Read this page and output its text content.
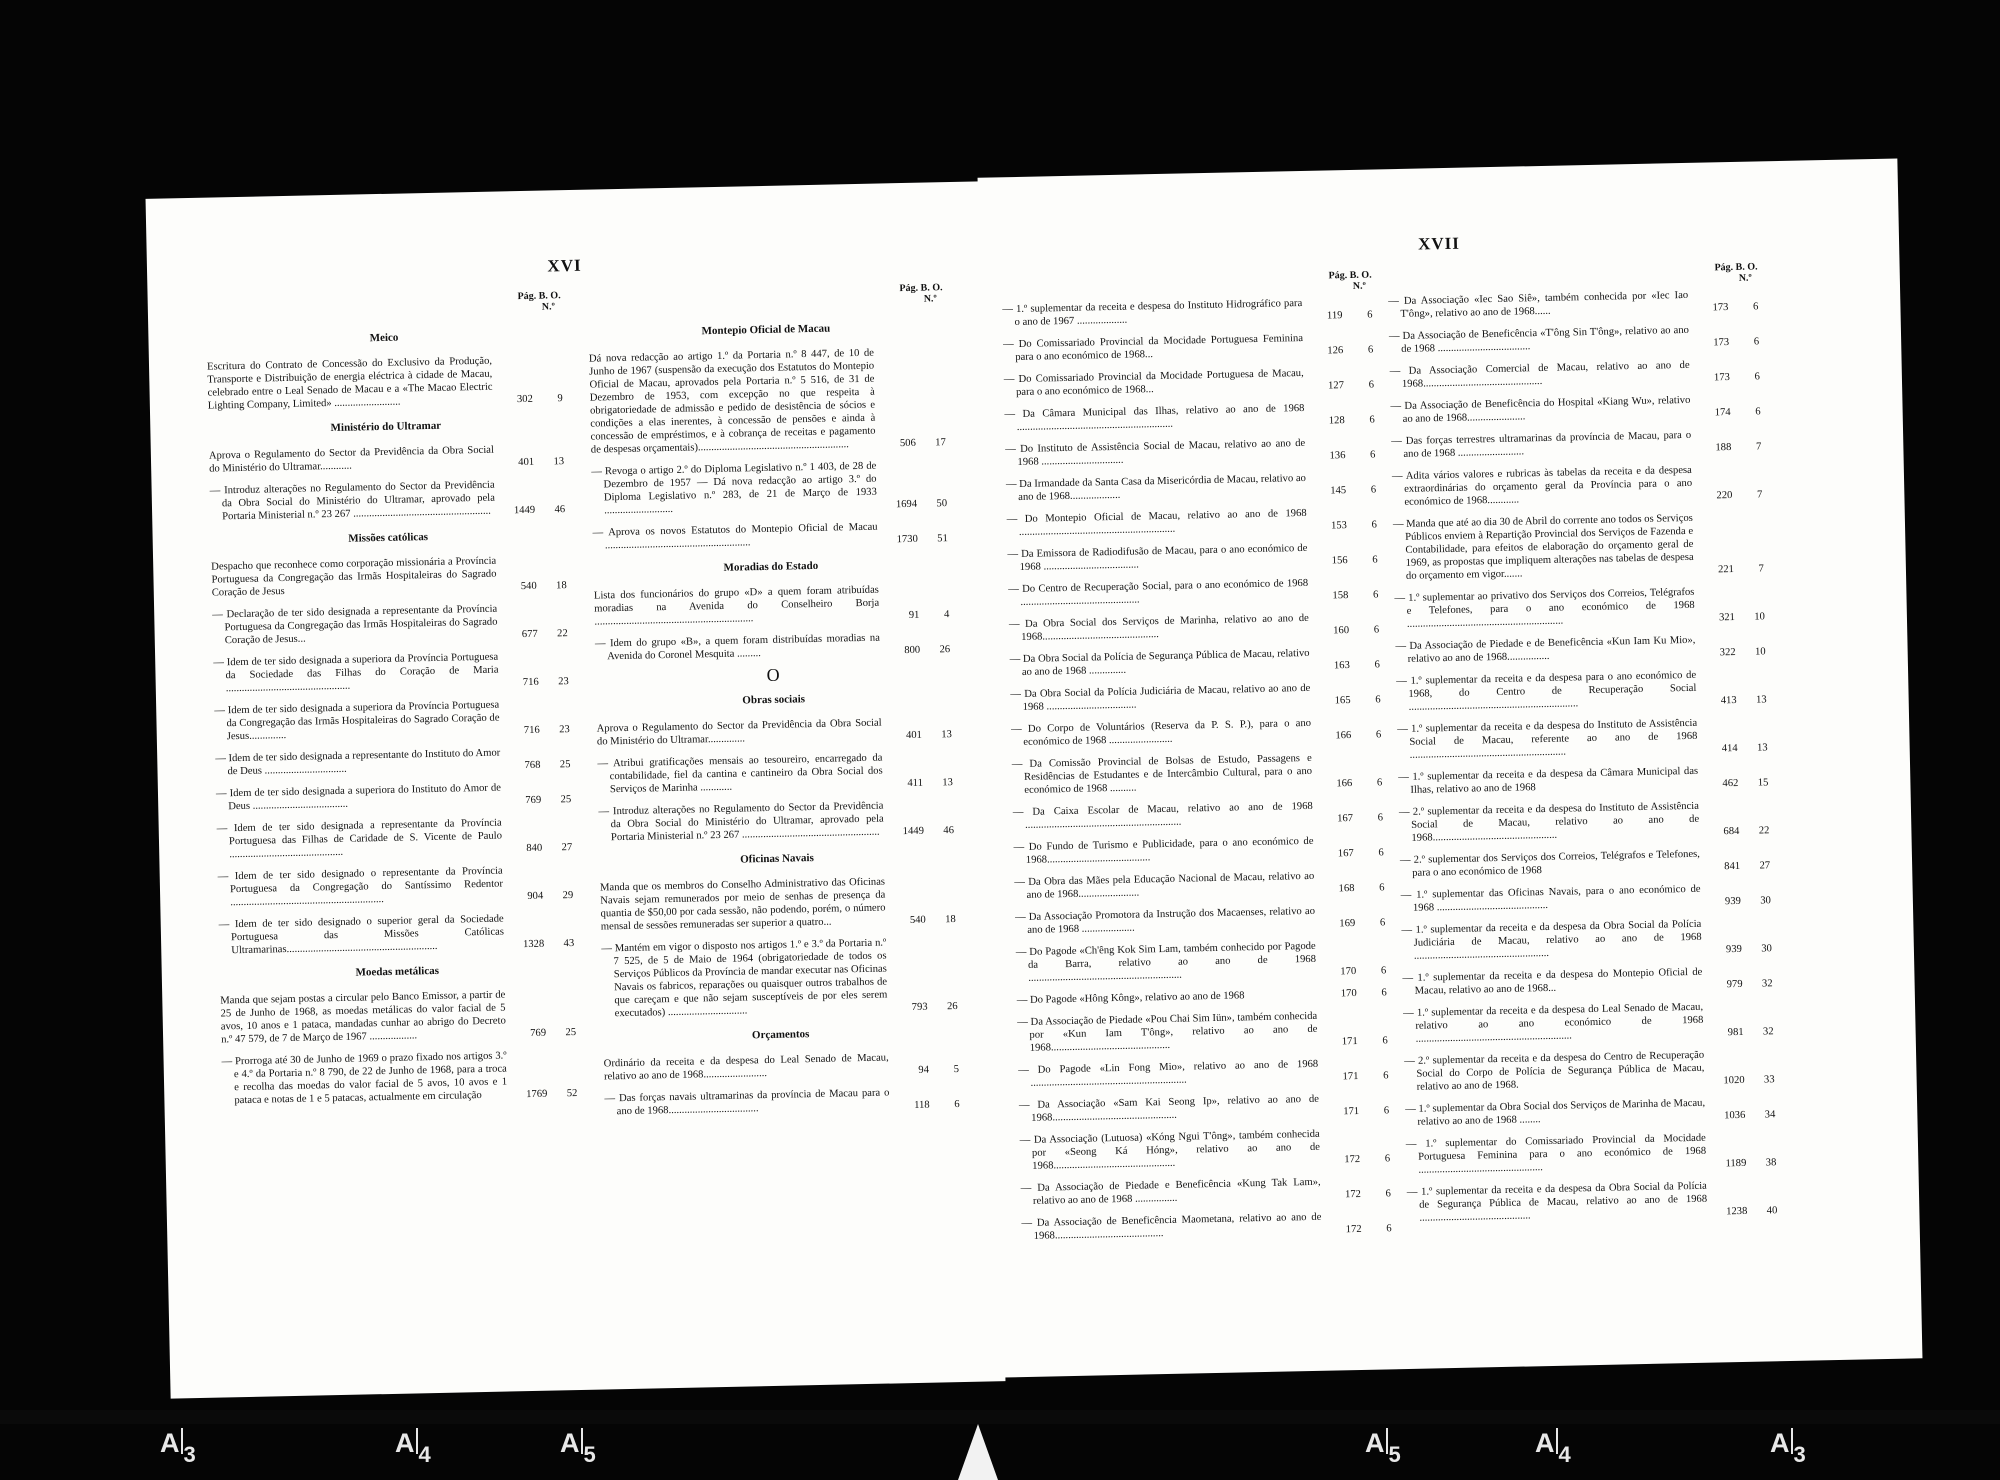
XVI
Pág. B. O.
N.º
Meico
Escritura do Contrato de Concessão do Exclusivo da Produção, Transporte e Distribuição de energia eléctrica à cidade de Macau, celebrado entre o Leal Senado de Macau e a «The Macao Electric Lighting Company, Limited» .........................	302	9
Ministério do Ultramar
Aprova o Regulamento do Sector da Previdência da Obra Social do Ministério do Ultramar............	401	13
— Introduz alterações no Regulamento do Sector da Previdência da Obra Social do Ministério do Ultramar, aprovado pela Portaria Ministerial n.º 23 267 ....................................................	1449	46
Missões católicas
Despacho que reconhece como corporação missionária a Província Portuguesa da Congregação das Irmãs Hospitaleiras do Sagrado Coração de Jesus	540	18
— Declaração de ter sido designada a representante da Província Portuguesa da Congregação das Irmãs Hospitaleiras do Sagrado Coração de Jesus...	677	22
— Idem de ter sido designada a superiora da Província Portuguesa da Sociedade das Filhas do Coração de Maria ...............................................	716	23
— Idem de ter sido designada a superiora da Província Portuguesa da Congregação das Irmãs Hospitaleiras do Sagrado Coração de Jesus..............	716	23
— Idem de ter sido designada a representante do Instituto do Amor de Deus ...............................	768	25
— Idem de ter sido designada a superiora do Instituto do Amor de Deus ....................................	769	25
— Idem de ter sido designada a representante da Província Portuguesa das Filhas de Caridade de S. Vicente de Paulo ...........................................	840	27
— Idem de ter sido designado o representante da Província Portuguesa da Congregação do Santíssimo Redentor ..........................................................	904	29
— Idem de ter sido designado o superior geral da Sociedade Portuguesa das Missões Católicas Ultramarinas.........................................................	1328	43
Moedas metálicas
Manda que sejam postas a circular pelo Banco Emissor, a partir de 25 de Junho de 1968, as moedas metálicas do valor facial de 5 avos, 10 anos e 1 pataca, mandadas cunhar ao abrigo do Decreto n.º 47 579, de 7 de Março de 1967 ..................	769	25
— Prorroga até 30 de Junho de 1969 o prazo fixado nos artigos 3.º e 4.º da Portaria n.º 8 790, de 22 de Junho de 1968, para a troca e recolha das moedas do valor facial de 5 avos, 10 avos e 1 pataca e notas de 1 e 5 patacas, actualmente em circulação	1769	52
Pág. B. O.
N.º
Montepio Oficial de Macau
Dá nova redacção ao artigo 1.º da Portaria n.º 8 447, de 10 de Junho de 1967 (suspensão da execução dos Estatutos do Montepio Oficial de Macau, aprovados pela Portaria n.º 5 516, de 31 de Dezembro de 1953, com excepção no que respeita à obrigatoriedade de admissão e pedido de desistência de sócios e condições a elas inerentes, à concessão de pensões e ainda à concessão de empréstimos, e à cobrança de receitas e pagamento de despesas orçamentais).........................................................	506	17
— Revoga o artigo 2.º do Diploma Legislativo n.º 1 403, de 28 de Dezembro de 1957 — Dá nova redacção ao artigo 3.º do Diploma Legislativo n.º 283, de 21 de Março de 1933 ..........................	1694	50
— Aprova os novos Estatutos do Montepio Oficial de Macau .......................................................	1730	51
Moradias do Estado
Lista dos funcionários do grupo «D» a quem foram atribuídas moradias na Avenida do Conselheiro Borja ............................................................	91	4
— Idem do grupo «B», a quem foram distribuídas moradias na Avenida do Coronel Mesquita .........	800	26
O
Obras sociais
Aprova o Regulamento do Sector da Previdência da Obra Social do Ministério do Ultramar..............	401	13
— Atribui gratificações mensais ao tesoureiro, encarregado da contabilidade, fiel da cantina e cantineiro da Obra Social dos Serviços de Marinha ............	411	13
— Introduz alterações no Regulamento do Sector da Previdência da Obra Social do Ministério do Ultramar, aprovado pela Portaria Ministerial n.º 23 267 ....................................................	1449	46
Oficinas Navais
Manda que os membros do Conselho Administrativo das Oficinas Navais sejam remunerados por meio de senhas de presença da quantia de $50,00 por cada sessão, não podendo, porém, o número mensal de sessões remuneradas ser superior a quatro...	540	18
— Mantém em vigor o disposto nos artigos 1.º e 3.º da Portaria n.º 7 525, de 5 de Maio de 1964 (obrigatoriedade de todos os Serviços Públicos da Província de mandar executar nas Oficinas Navais os fabricos, reparações ou quaisquer outros trabalhos de que careçam e que não sejam susceptíveis de por eles serem executados) ..............................	793	26
Orçamentos
Ordinário da receita e da despesa do Leal Senado de Macau, relativo ao ano de 1968........................	94	5
— Das forças navais ultramarinas da província de Macau para o ano de 1968..................................	118	6
XVII
Pág. B. O.
N.º
— 1.º suplementar da receita e despesa do Instituto Hidrográfico para o ano de 1967 ...................	119	6
— Do Comissariado Provincial da Mocidade Portuguesa Feminina para o ano económico de 1968...	126	6
— Do Comissariado Provincial da Mocidade Portuguesa de Macau, para o ano económico de 1968...	127	6
— Da Câmara Municipal das Ilhas, relativo ao ano de 1968 ...........................................................	128	6
— Do Instituto de Assistência Social de Macau, relativo ao ano de 1968 ...............................	136	6
— Da Irmandade da Santa Casa da Misericórdia de Macau, relativo ao ano de 1968...................	145	6
— Do Montepio Oficial de Macau, relativo ao ano de 1968 ...........................................................	153	6
— Da Emissora de Radiodifusão de Macau, para o ano económico de 1968 ....................................	156	6
— Do Centro de Recuperação Social, para o ano económico de 1968 .............................................	158	6
— Da Obra Social dos Serviços de Marinha, relativo ao ano de 1968............................................	160	6
— Da Obra Social da Polícia de Segurança Pública de Macau, relativo ao ano de 1968 ..............	163	6
— Da Obra Social da Polícia Judiciária de Macau, relativo ao ano de 1968 ..................................	165	6
— Do Corpo de Voluntários (Reserva da P. S. P.), para o ano económico de 1968 ........................	166	6
— Da Comissão Provincial de Bolsas de Estudo, Passagens e Residências de Estudantes e de Intercâmbio Cultural, para o ano económico de 1968 ..........	166	6
— Da Caixa Escolar de Macau, relativo ao ano de 1968 ...........................................................	167	6
— Do Fundo de Turismo e Publicidade, para o ano económico de 1968.......................................	167	6
— Da Obra das Mães pela Educação Nacional de Macau, relativo ao ano de 1968.......................	168	6
— Da Associação Promotora da Instrução dos Macaenses, relativo ao ano de 1968 ....................	169	6
— Do Pagode «Ch'êng Kok Sim Lam, também conhecido por Pagode da Barra, relativo ao ano de 1968 ..........................................................	170	6
— Do Pagode «Hông Kông», relativo ao ano de 1968	170	6
— Da Associação de Piedade «Pou Chai Sim Iün», também conhecida por «Kun Iam T'ông», relativo ao ano de 1968.............................................	171	6
— Do Pagode «Lin Fong Mio», relativo ao ano de 1968 ...........................................................	171	6
— Da Associação «Sam Kai Seong Ip», relativo ao ano de 1968...............................................	171	6
— Da Associação (Lutuosa) «Kóng Ngui T'ông», também conhecida por «Seong Ká Hóng», relativo ao ano de 1968..............................................	172	6
— Da Associação de Piedade e Beneficência «Kung Tak Lam», relativo ao ano de 1968 ................	172	6
— Da Associação de Beneficência Maometana, relativo ao ano de 1968.........................................	172	6
Pág. B. O.
N.º
— Da Associação «Iec Sao Siê», também conhecida por «Iec Iao T'ông», relativo ao ano de 1968......	173	6
— Da Associação de Beneficência «T'ông Sin T'ông», relativo ao ano de 1968 ...................................	173	6
— Da Associação Comercial de Macau, relativo ao ano de 1968.............................................	173	6
— Da Associação de Beneficência do Hospital «Kiang Wu», relativo ao ano de 1968......................	174	6
— Das forças terrestres ultramarinas da província de Macau, para o ano de 1968 .........................	188	7
— Adita vários valores e rubricas às tabelas da receita e da despesa extraordinárias do orçamento geral da Província para o ano económico de 1968............	220	7
— Manda que até ao dia 30 de Abril do corrente ano todos os Serviços Públicos enviem à Repartição Provincial dos Serviços de Fazenda e Contabilidade, para efeitos de elaboração do orçamento geral de 1969, as propostas que impliquem alterações nas tabelas de despesa do orçamento em vigor.......	221	7
— 1.º suplementar ao privativo dos Serviços dos Correios, Telégrafos e Telefones, para o ano económico de 1968 ...........................................................	321	10
— Da Associação de Piedade e de Beneficência «Kun Iam Ku Mio», relativo ao ano de 1968................	322	10
— 1.º suplementar da receita e da despesa para o ano económico de 1968, do Centro de Recuperação Social ................................................................	413	13
— 1.º suplementar da receita e da despesa do Instituto de Assistência Social de Macau, referente ao ano de 1968 ...........................................................	414	13
— 1.º suplementar da receita e da despesa da Câmara Municipal das Ilhas, relativo ao ano de 1968	462	15
— 2.º suplementar da receita e da despesa do Instituto de Assistência Social de Macau, relativo ao ano de 1968...............................................	684	22
— 2.º suplementar dos Serviços dos Correios, Telégrafos e Telefones, para o ano económico de 1968	841	27
— 1.º suplementar das Oficinas Navais, para o ano económico de 1968 ..........................................	939	30
— 1.º suplementar da receita e da despesa da Obra Social da Polícia Judiciária de Macau, relativo ao ano de 1968 ...................................................	939	30
— 1.º suplementar da receita e da despesa do Montepio Oficial de Macau, relativo ao ano de 1968...	979	32
— 1.º suplementar da receita e da despesa do Leal Senado de Macau, relativo ao ano económico de 1968 ...........................................................	981	32
— 2.º suplementar da receita e da despesa do Centro de Recuperação Social do Corpo de Polícia de Segurança Pública de Macau, relativo ao ano de 1968.	1020	33
— 1.º suplementar da Obra Social dos Serviços de Marinha de Macau, relativo ao ano de 1968 ........	1036	34
— 1.º suplementar do Comissariado Provincial da Mocidade Portuguesa Feminina para o ano económico de 1968 ...............................................	1189	38
— 1.º suplementar da receita e da despesa da Obra Social da Polícia de Segurança Pública de Macau, relativo ao ano de 1968 ..........................................	1238	40
A $_3$	A $_4$	A $_5$	A $_5$	A $_4$	A $_3$
